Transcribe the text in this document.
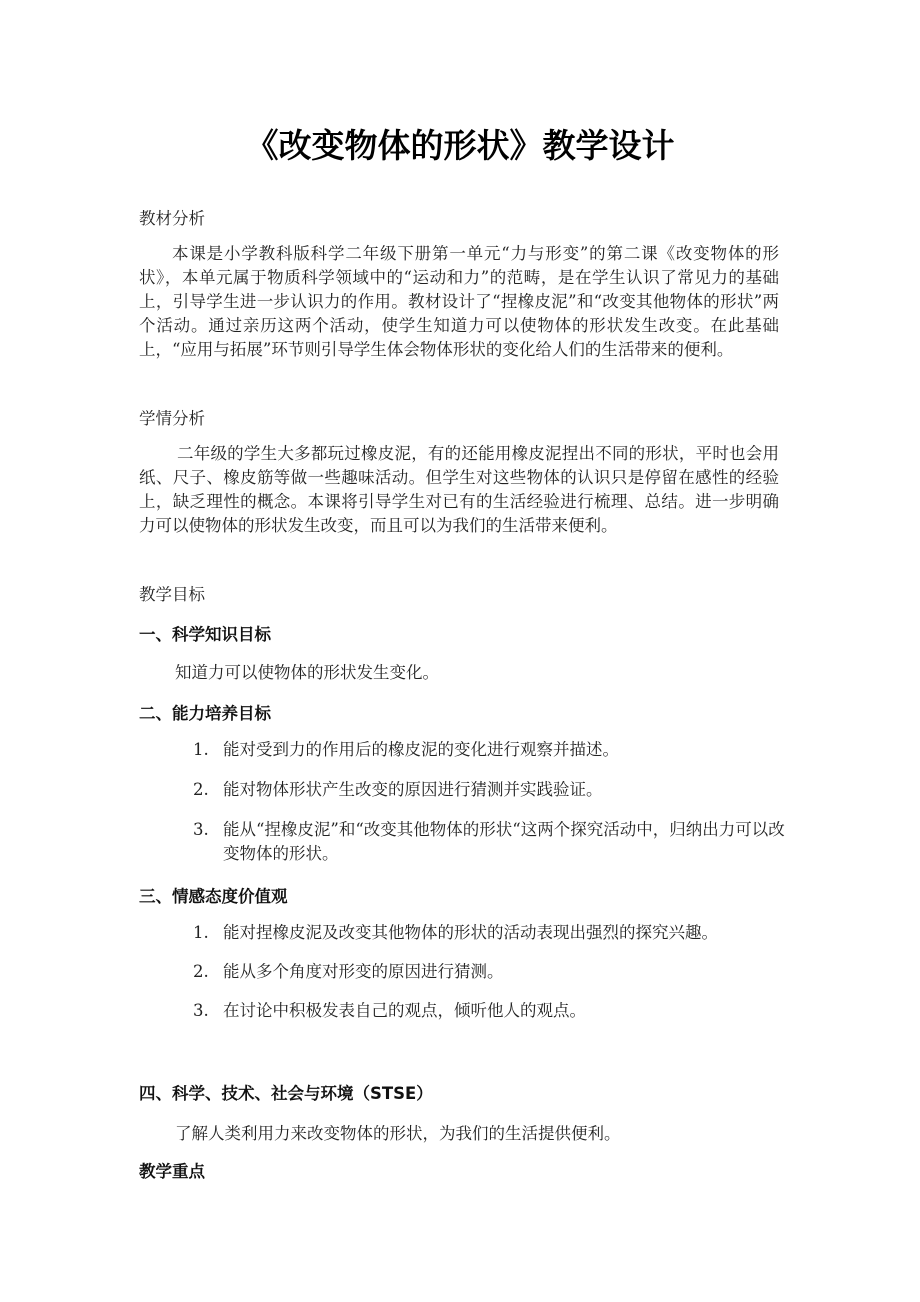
《改变物体的形状》教学设计
教材分析
本课是小学教科版科学二年级下册第一单元“力与形变”的第二课《改变物体的形状》，本单元属于物质科学领域中的“运动和力”的范畴，是在学生认识了常见力的基础上，引导学生进一步认识力的作用。教材设计了“捏橡皮泥”和“改变其他物体的形状”两个活动。通过亲历这两个活动，使学生知道力可以使物体的形状发生改变。在此基础上，“应用与拓展”环节则引导学生体会物体形状的变化给人们的生活带来的便利。
学情分析
二年级的学生大多都玩过橡皮泥，有的还能用橡皮泥捏出不同的形状，平时也会用纸、尺子、橡皮筋等做一些趣味活动。但学生对这些物体的认识只是停留在感性的经验上，缺乏理性的概念。本课将引导学生对已有的生活经验进行梳理、总结。进一步明确力可以使物体的形状发生改变，而且可以为我们的生活带来便利。
教学目标
一、科学知识目标
知道力可以使物体的形状发生变化。
二、能力培养目标
1. 能对受到力的作用后的橡皮泥的变化进行观察并描述。
2. 能对物体形状产生改变的原因进行猜测并实践验证。
3. 能从“捏橡皮泥”和“改变其他物体的形状“这两个探究活动中，归纳出力可以改变物体的形状。
三、情感态度价值观
1. 能对捏橡皮泥及改变其他物体的形状的活动表现出强烈的探究兴趣。
2. 能从多个角度对形变的原因进行猜测。
3. 在讨论中积极发表自己的观点，倾听他人的观点。
四、科学、技术、社会与环境（STSE）
了解人类利用力来改变物体的形状，为我们的生活提供便利。
教学重点
